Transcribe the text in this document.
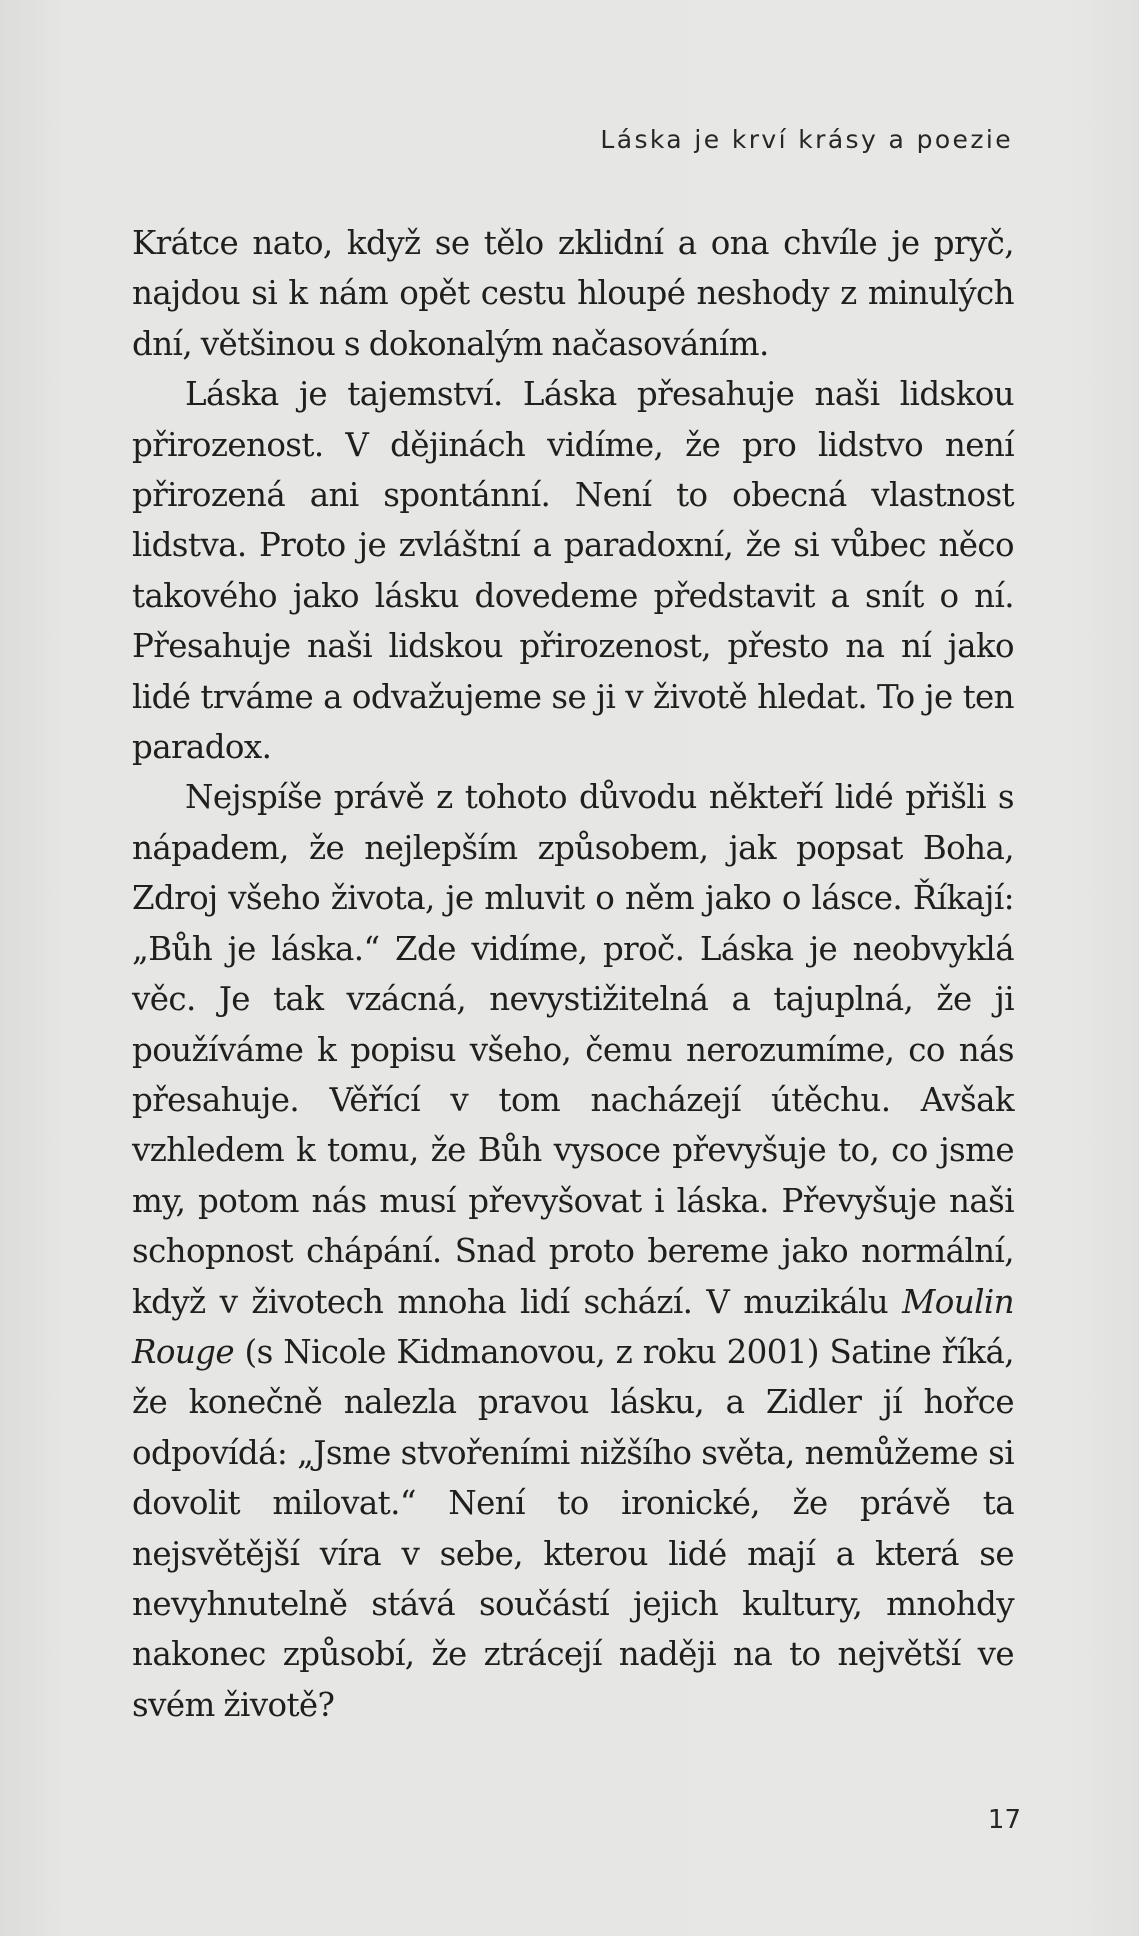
Láska je krví krásy a poezie

Krátce nato, když se tělo zklidní a ona chvíle je pryč, najdou si k nám opět cestu hloupé neshody z minulých dní, většinou s dokonalým načasováním.

Láska je tajemství. Láska přesahuje naši lidskou přirozenost. V dějinách vidíme, že pro lidstvo není přirozená ani spontánní. Není to obecná vlastnost lidstva. Proto je zvláštní a paradoxní, že si vůbec něco takového jako lásku dovedeme představit a snít o ní. Přesahuje naši lidskou přirozenost, přesto na ní jako lidé trváme a odvažujeme se ji v životě hledat. To je ten paradox.

Nejspíše právě z tohoto důvodu někteří lidé přišli s nápadem, že nejlepším způsobem, jak popsat Boha, Zdroj všeho života, je mluvit o něm jako o lásce. Říkají: „Bůh je láska.“ Zde vidíme, proč. Láska je neobvyklá věc. Je tak vzácná, nevystižitelná a tajuplná, že ji používáme k popisu všeho, čemu nerozumíme, co nás přesahuje. Věřící v tom nacházejí útěchu. Avšak vzhledem k tomu, že Bůh vysoce převyšuje to, co jsme my, potom nás musí převyšovat i láska. Převyšuje naši schopnost chápání. Snad proto bereme jako normální, když v životech mnoha lidí schází. V muzikálu Moulin Rouge (s Nicole Kidmanovou, z roku 2001) Satine říká, že konečně nalezla pravou lásku, a Zidler jí hořce odpovídá: „Jsme stvořeními nižšího světa, nemůžeme si dovolit milovat.“ Není to ironické, že právě ta nejsvětější víra v sebe, kterou lidé mají a která se nevyhnutelně stává součástí jejich kultury, mnohdy nakonec způsobí, že ztrácejí naději na to největší ve svém životě?

17
